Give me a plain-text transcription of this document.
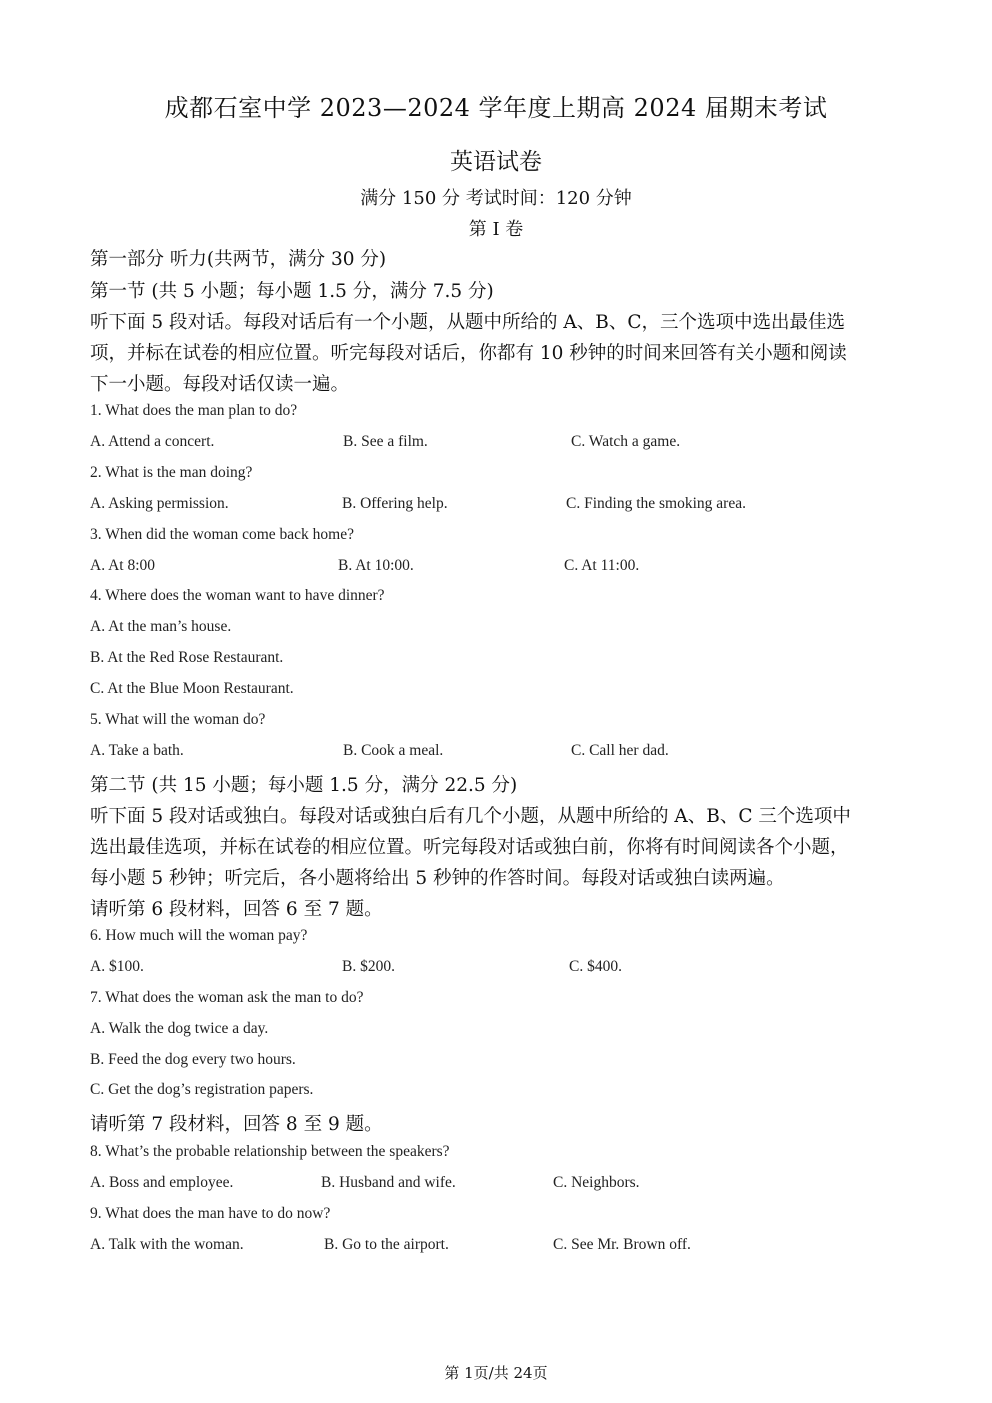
成都石室中学 2023—2024 学年度上期高 2024 届期末考试
英语试卷
满分 150 分 考试时间：120 分钟
第 I 卷
第一部分 听力(共两节，满分 30 分)
第一节 (共 5 小题；每小题 1.5 分，满分 7.5 分)
听下面 5 段对话。每段对话后有一个小题，从题中所给的 A、B、C，三个选项中选出最佳选
项，并标在试卷的相应位置。听完每段对话后，你都有 10 秒钟的时间来回答有关小题和阅读
下一小题。每段对话仅读一遍。
1. What does the man plan to do?
A. Attend a concert.	B. See a film.	C. Watch a game.
2. What is the man doing?
A. Asking permission.	B. Offering help.	C. Finding the smoking area.
3. When did the woman come back home?
A. At 8:00	B. At 10:00.	C. At 11:00.
4. Where does the woman want to have dinner?
A. At the man’s house.
B. At the Red Rose Restaurant.
C. At the Blue Moon Restaurant.
5. What will the woman do?
A. Take a bath.	B. Cook a meal.	C. Call her dad.
第二节 (共 15 小题；每小题 1.5 分，满分 22.5 分)
听下面 5 段对话或独白。每段对话或独白后有几个小题，从题中所给的 A、B、C 三个选项中
选出最佳选项，并标在试卷的相应位置。听完每段对话或独白前，你将有时间阅读各个小题，
每小题 5 秒钟；听完后，各小题将给出 5 秒钟的作答时间。每段对话或独白读两遍。
请听第 6 段材料，回答 6 至 7 题。
6. How much will the woman pay?
A. $100.	B. $200.	C. $400.
7. What does the woman ask the man to do?
A. Walk the dog twice a day.
B. Feed the dog every two hours.
C. Get the dog’s registration papers.
请听第 7 段材料，回答 8 至 9 题。
8. What’s the probable relationship between the speakers?
A. Boss and employee.	B. Husband and wife.	C. Neighbors.
9. What does the man have to do now?
A. Talk with the woman.	B. Go to the airport.	C. See Mr. Brown off.
第 1页/共 24页
